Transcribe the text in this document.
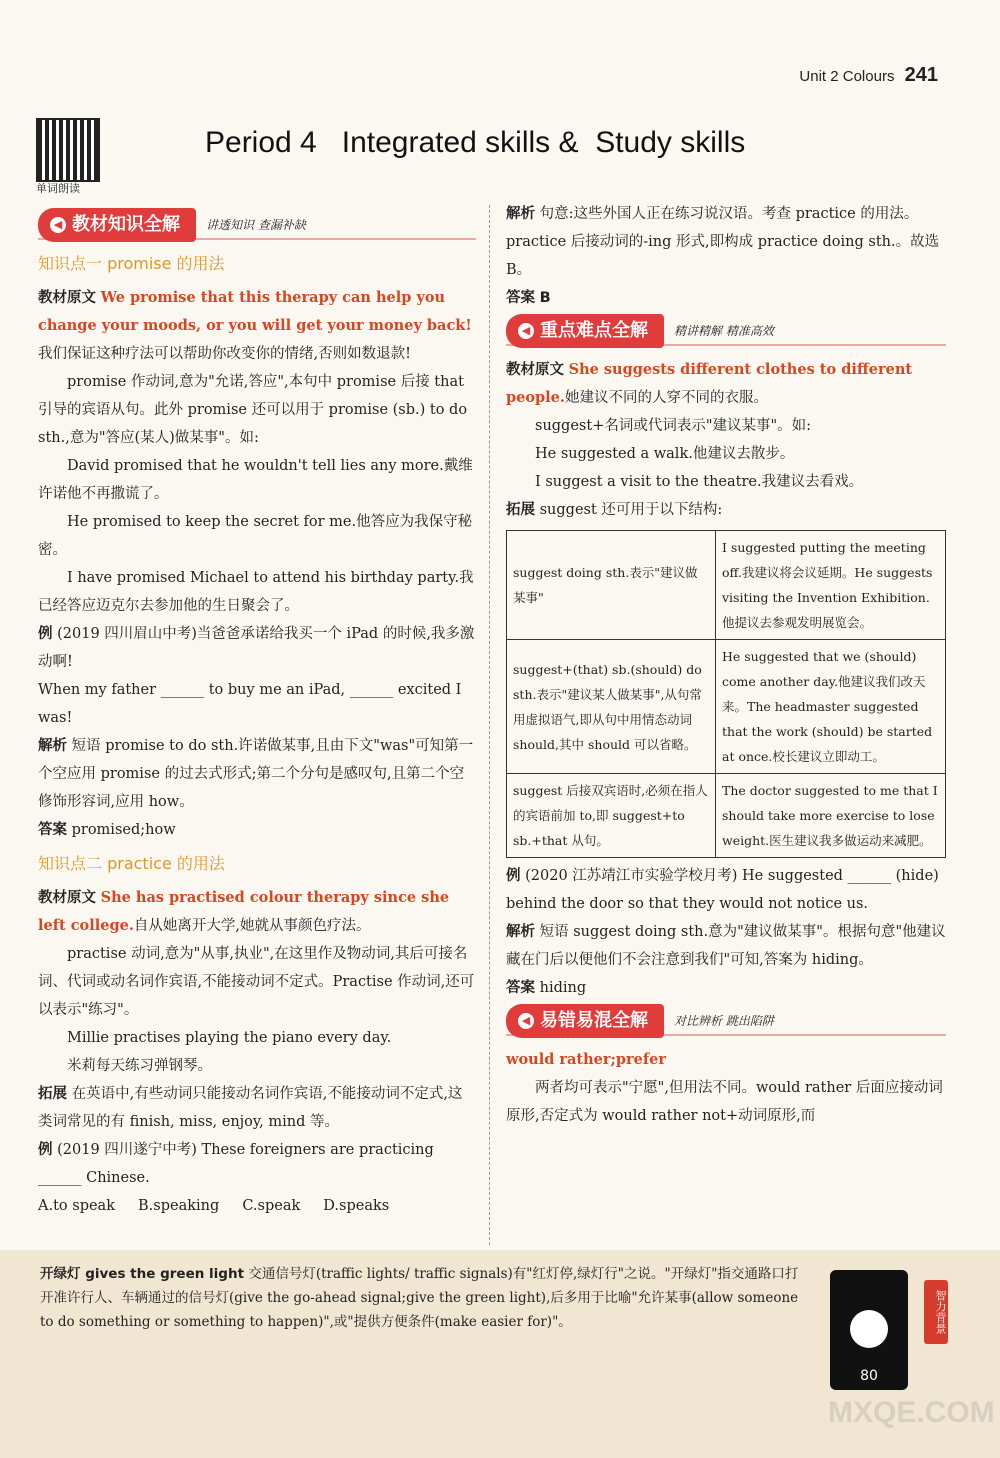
Unit 2 Colours 241
单词朗读
Period 4   Integrated skills &  Study skills
◀ 教材知识全解 讲透知识 查漏补缺
知识点一 promise 的用法

教材原文 We promise that this therapy can help you change your moods, or you will get your money back!我们保证这种疗法可以帮助你改变你的情绪,否则如数退款!

promise 作动词,意为"允诺,答应",本句中 promise 后接 that 引导的宾语从句。此外 promise 还可以用于 promise (sb.) to do sth.,意为"答应(某人)做某事"。如:

David promised that he wouldn't tell lies any more.戴维许诺他不再撒谎了。

He promised to keep the secret for me.他答应为我保守秘密。

I have promised Michael to attend his birthday party.我已经答应迈克尔去参加他的生日聚会了。

例 (2019 四川眉山中考)当爸爸承诺给我买一个 iPad 的时候,我多激动啊!

When my father ______ to buy me an iPad, ______ excited I was!

解析 短语 promise to do sth.许诺做某事,且由下文"was"可知第一个空应用 promise 的过去式形式;第二个分句是感叹句,且第二个空修饰形容词,应用 how。

答案 promised;how

知识点二 practice 的用法

教材原文 She has practised colour therapy since she left college.自从她离开大学,她就从事颜色疗法。

practise 动词,意为"从事,执业",在这里作及物动词,其后可接名词、代词或动名词作宾语,不能接动词不定式。Practise 作动词,还可以表示"练习"。

Millie practises playing the piano every day.

米莉每天练习弹钢琴。

拓展 在英语中,有些动词只能接动名词作宾语,不能接动词不定式,这类词常见的有 finish, miss, enjoy, mind 等。

例 (2019 四川遂宁中考) These foreigners are practicing ______ Chinese.

A.to speak     B.speaking     C.speak     D.speaks

解析 句意:这些外国人正在练习说汉语。考查 practice 的用法。practice 后接动词的-ing 形式,即构成 practice doing sth.。故选 B。

答案 B

◀ 重点难点全解 精讲精解 精准高效

教材原文 She suggests different clothes to different people.她建议不同的人穿不同的衣服。

suggest+名词或代词表示"建议某事"。如:

He suggested a walk.他建议去散步。

I suggest a visit to the theatre.我建议去看戏。

拓展 suggest 还可用于以下结构:

suggest doing sth.表示"建议做某事"	I suggested putting the meeting off.我建议将会议延期。He suggests visiting the Invention Exhibition.他提议去参观发明展览会。
suggest+(that) sb.(should) do sth.表示"建议某人做某事",从句常用虚拟语气,即从句中用情态动词 should,其中 should 可以省略。	He suggested that we (should) come another day.他建议我们改天来。The headmaster suggested that the work (should) be started at once.校长建议立即动工。
suggest 后接双宾语时,必须在指人的宾语前加 to,即 suggest+to sb.+that 从句。	The doctor suggested to me that I should take more exercise to lose weight.医生建议我多做运动来减肥。

例 (2020 江苏靖江市实验学校月考) He suggested ______ (hide) behind the door so that they would not notice us.

解析 短语 suggest doing sth.意为"建议做某事"。根据句意"他建议藏在门后以便他们不会注意到我们"可知,答案为 hiding。

答案 hiding

◀ 易错易混全解 对比辨析 跳出陷阱

would rather;prefer

两者均可表示"宁愿",但用法不同。would rather 后面应接动词原形,否定式为 would rather not+动词原形,而

开绿灯 gives the green light 交通信号灯(traffic lights/ traffic signals)有"红灯停,绿灯行"之说。"开绿灯"指交通路口打开准许行人、车辆通过的信号灯(give the go-ahead signal;give the green light),后多用于比喻"允许某事(allow someone to do something or something to happen)",或"提供方便条件(make easier for)"。
80
智力背景
MXQE.COM
